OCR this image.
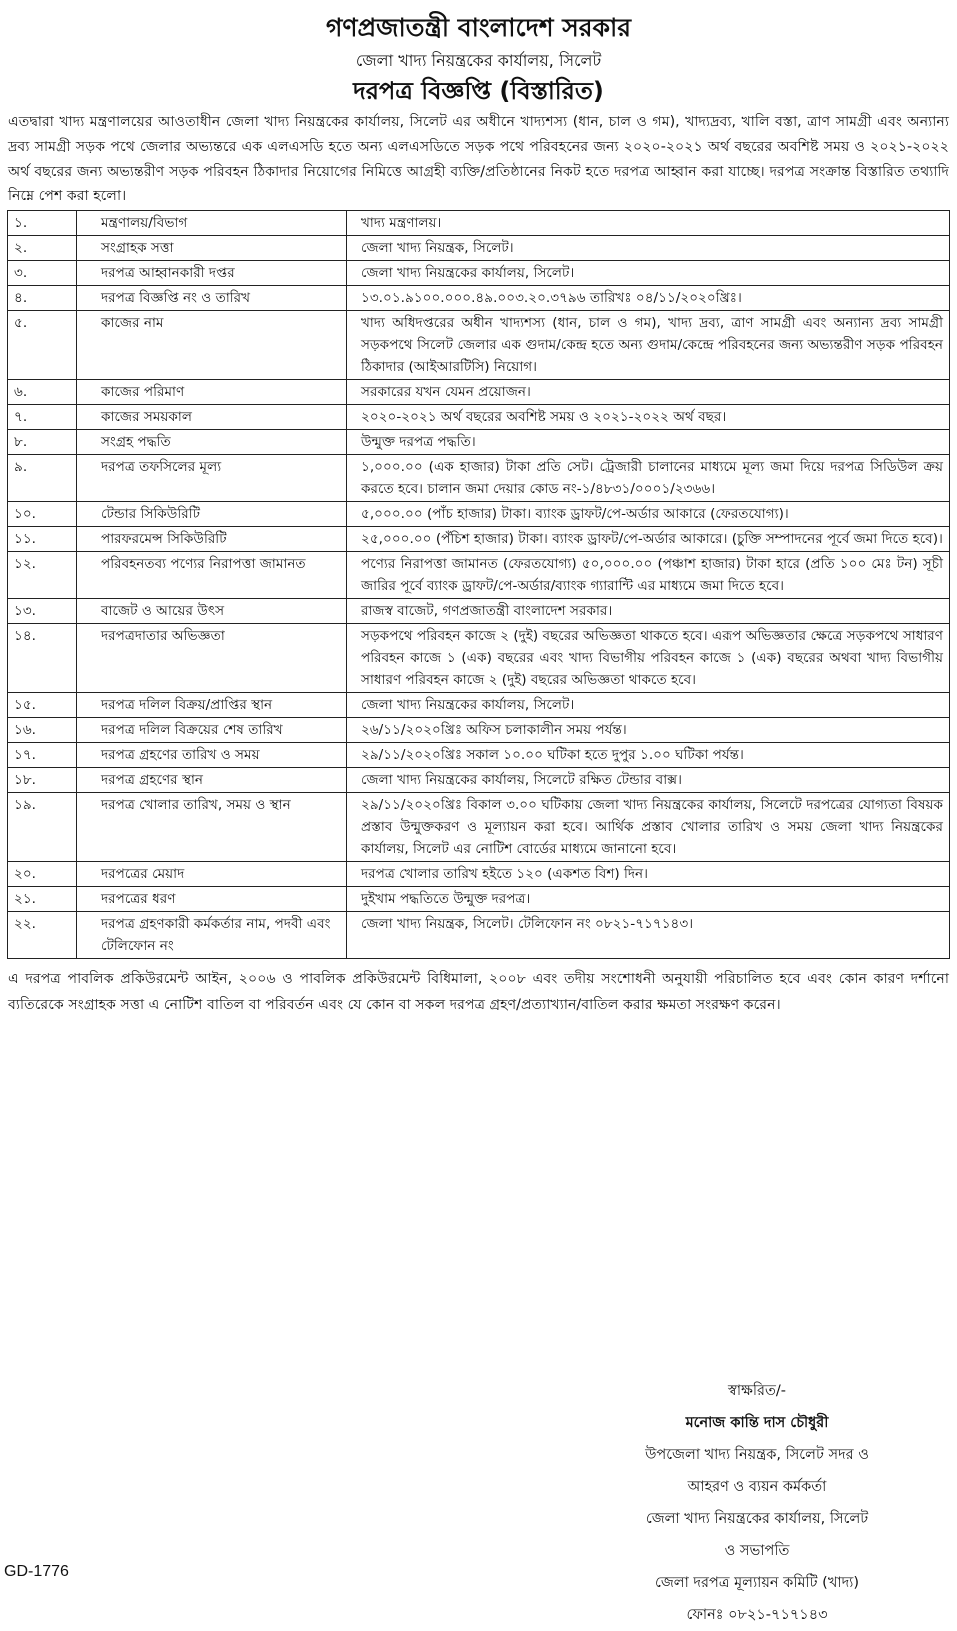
গণপ্রজাতন্ত্রী বাংলাদেশ সরকার
জেলা খাদ্য নিয়ন্ত্রকের কার্যালয়, সিলেট
দরপত্র বিজ্ঞপ্তি (বিস্তারিত)

এতদ্বারা খাদ্য মন্ত্রণালয়ের আওতাধীন জেলা খাদ্য নিয়ন্ত্রকের কার্যালয়, সিলেট এর অধীনে খাদ্যশস্য (ধান, চাল ও গম), খাদ্যদ্রব্য, খালি বস্তা, ত্রাণ সামগ্রী এবং অন্যান্য দ্রব্য সামগ্রী সড়ক পথে জেলার অভ্যন্তরে এক এলএসডি হতে অন্য এলএসডিতে সড়ক পথে পরিবহনের জন্য ২০২০-২০২১ অর্থ বছরের অবশিষ্ট সময় ও ২০২১-২০২২ অর্থ বছরের জন্য অভ্যন্তরীণ সড়ক পরিবহন ঠিকাদার নিয়োগের নিমিত্তে আগ্রহী ব্যক্তি/প্রতিষ্ঠানের নিকট হতে দরপত্র আহ্বান করা যাচ্ছে। দরপত্র সংক্রান্ত বিস্তারিত তথ্যাদি নিম্নে পেশ করা হলো।

১.	মন্ত্রণালয়/বিভাগ	খাদ্য মন্ত্রণালয়।
২.	সংগ্রাহক সত্তা	জেলা খাদ্য নিয়ন্ত্রক, সিলেট।
৩.	দরপত্র আহ্বানকারী দপ্তর	জেলা খাদ্য নিয়ন্ত্রকের কার্যালয়, সিলেট।
৪.	দরপত্র বিজ্ঞপ্তি নং ও তারিখ	১৩.০১.৯১০০.০০০.৪৯.০০৩.২০.৩৭৯৬ তারিখঃ ০৪/১১/২০২০খ্রিঃ।
৫.	কাজের নাম	খাদ্য অধিদপ্তরের অধীন খাদ্যশস্য (ধান, চাল ও গম), খাদ্য দ্রব্য, ত্রাণ সামগ্রী এবং অন্যান্য দ্রব্য সামগ্রী সড়কপথে সিলেট জেলার এক গুদাম/কেন্দ্র হতে অন্য গুদাম/কেন্দ্রে পরিবহনের জন্য অভ্যন্তরীণ সড়ক পরিবহন ঠিকাদার (আইআরটিসি) নিয়োগ।
৬.	কাজের পরিমাণ	সরকারের যখন যেমন প্রয়োজন।
৭.	কাজের সময়কাল	২০২০-২০২১ অর্থ বছরের অবশিষ্ট সময় ও ২০২১-২০২২ অর্থ বছর।
৮.	সংগ্রহ পদ্ধতি	উন্মুক্ত দরপত্র পদ্ধতি।
৯.	দরপত্র তফসিলের মূল্য	১,০০০.০০ (এক হাজার) টাকা প্রতি সেট। ট্রেজারী চালানের মাধ্যমে মূল্য জমা দিয়ে দরপত্র সিডিউল ক্রয় করতে হবে। চালান জমা দেয়ার কোড নং-১/৪৮৩১/০০০১/২৩৬৬।
১০.	টেন্ডার সিকিউরিটি	৫,০০০.০০ (পাঁচ হাজার) টাকা। ব্যাংক ড্রাফট/পে-অর্ডার আকারে (ফেরতযোগ্য)।
১১.	পারফরমেন্স সিকিউরিটি	২৫,০০০.০০ (পঁচিশ হাজার) টাকা। ব্যাংক ড্রাফট/পে-অর্ডার আকারে। (চুক্তি সম্পাদনের পূর্বে জমা দিতে হবে)।
১২.	পরিবহনতব্য পণ্যের নিরাপত্তা জামানত	পণ্যের নিরাপত্তা জামানত (ফেরতযোগ্য) ৫০,০০০.০০ (পঞ্চাশ হাজার) টাকা হারে (প্রতি ১০০ মেঃ টন) সূচী জারির পূর্বে ব্যাংক ড্রাফট/পে-অর্ডার/ব্যাংক গ্যারান্টি এর মাধ্যমে জমা দিতে হবে।
১৩.	বাজেট ও আয়ের উৎস	রাজস্ব বাজেট, গণপ্রজাতন্ত্রী বাংলাদেশ সরকার।
১৪.	দরপত্রদাতার অভিজ্ঞতা	সড়কপথে পরিবহন কাজে ২ (দুই) বছরের অভিজ্ঞতা থাকতে হবে। এরূপ অভিজ্ঞতার ক্ষেত্রে সড়কপথে সাধারণ পরিবহন কাজে ১ (এক) বছরের এবং খাদ্য বিভাগীয় পরিবহন কাজে ১ (এক) বছরের অথবা খাদ্য বিভাগীয় সাধারণ পরিবহন কাজে ২ (দুই) বছরের অভিজ্ঞতা থাকতে হবে।
১৫.	দরপত্র দলিল বিক্রয়/প্রাপ্তির স্থান	জেলা খাদ্য নিয়ন্ত্রকের কার্যালয়, সিলেট।
১৬.	দরপত্র দলিল বিক্রয়ের শেষ তারিখ	২৬/১১/২০২০খ্রিঃ অফিস চলাকালীন সময় পর্যন্ত।
১৭.	দরপত্র গ্রহণের তারিখ ও সময়	২৯/১১/২০২০খ্রিঃ সকাল ১০.০০ ঘটিকা হতে দুপুর ১.০০ ঘটিকা পর্যন্ত।
১৮.	দরপত্র গ্রহণের স্থান	জেলা খাদ্য নিয়ন্ত্রকের কার্যালয়, সিলেটে রক্ষিত টেন্ডার বাক্স।
১৯.	দরপত্র খোলার তারিখ, সময় ও স্থান	২৯/১১/২০২০খ্রিঃ বিকাল ৩.০০ ঘটিকায় জেলা খাদ্য নিয়ন্ত্রকের কার্যালয়, সিলেটে দরপত্রের যোগ্যতা বিষয়ক প্রস্তাব উন্মুক্তকরণ ও মূল্যায়ন করা হবে। আর্থিক প্রস্তাব খোলার তারিখ ও সময় জেলা খাদ্য নিয়ন্ত্রকের কার্যালয়, সিলেট এর নোটিশ বোর্ডের মাধ্যমে জানানো হবে।
২০.	দরপত্রের মেয়াদ	দরপত্র খোলার তারিখ হইতে ১২০ (একশত বিশ) দিন।
২১.	দরপত্রের ধরণ	দুইখাম পদ্ধতিতে উন্মুক্ত দরপত্র।
২২.	দরপত্র গ্রহণকারী কর্মকর্তার নাম, পদবী এবং টেলিফোন নং	জেলা খাদ্য নিয়ন্ত্রক, সিলেট। টেলিফোন নং ০৮২১-৭১৭১৪৩।

এ দরপত্র পাবলিক প্রকিউরমেন্ট আইন, ২০০৬ ও পাবলিক প্রকিউরমেন্ট বিধিমালা, ২০০৮ এবং তদীয় সংশোধনী অনুযায়ী পরিচালিত হবে এবং কোন কারণ দর্শানো ব্যতিরেকে সংগ্রাহক সত্তা এ নোটিশ বাতিল বা পরিবর্তন এবং যে কোন বা সকল দরপত্র গ্রহণ/প্রত্যাখ্যান/বাতিল করার ক্ষমতা সংরক্ষণ করেন।

স্বাক্ষরিত/-
মনোজ কান্তি দাস চৌধুরী
উপজেলা খাদ্য নিয়ন্ত্রক, সিলেট সদর ও
আহরণ ও ব্যয়ন কর্মকর্তা
জেলা খাদ্য নিয়ন্ত্রকের কার্যালয়, সিলেট
ও সভাপতি
জেলা দরপত্র মূল্যায়ন কমিটি (খাদ্য)
ফোনঃ ০৮২১-৭১৭১৪৩
GD-1776
